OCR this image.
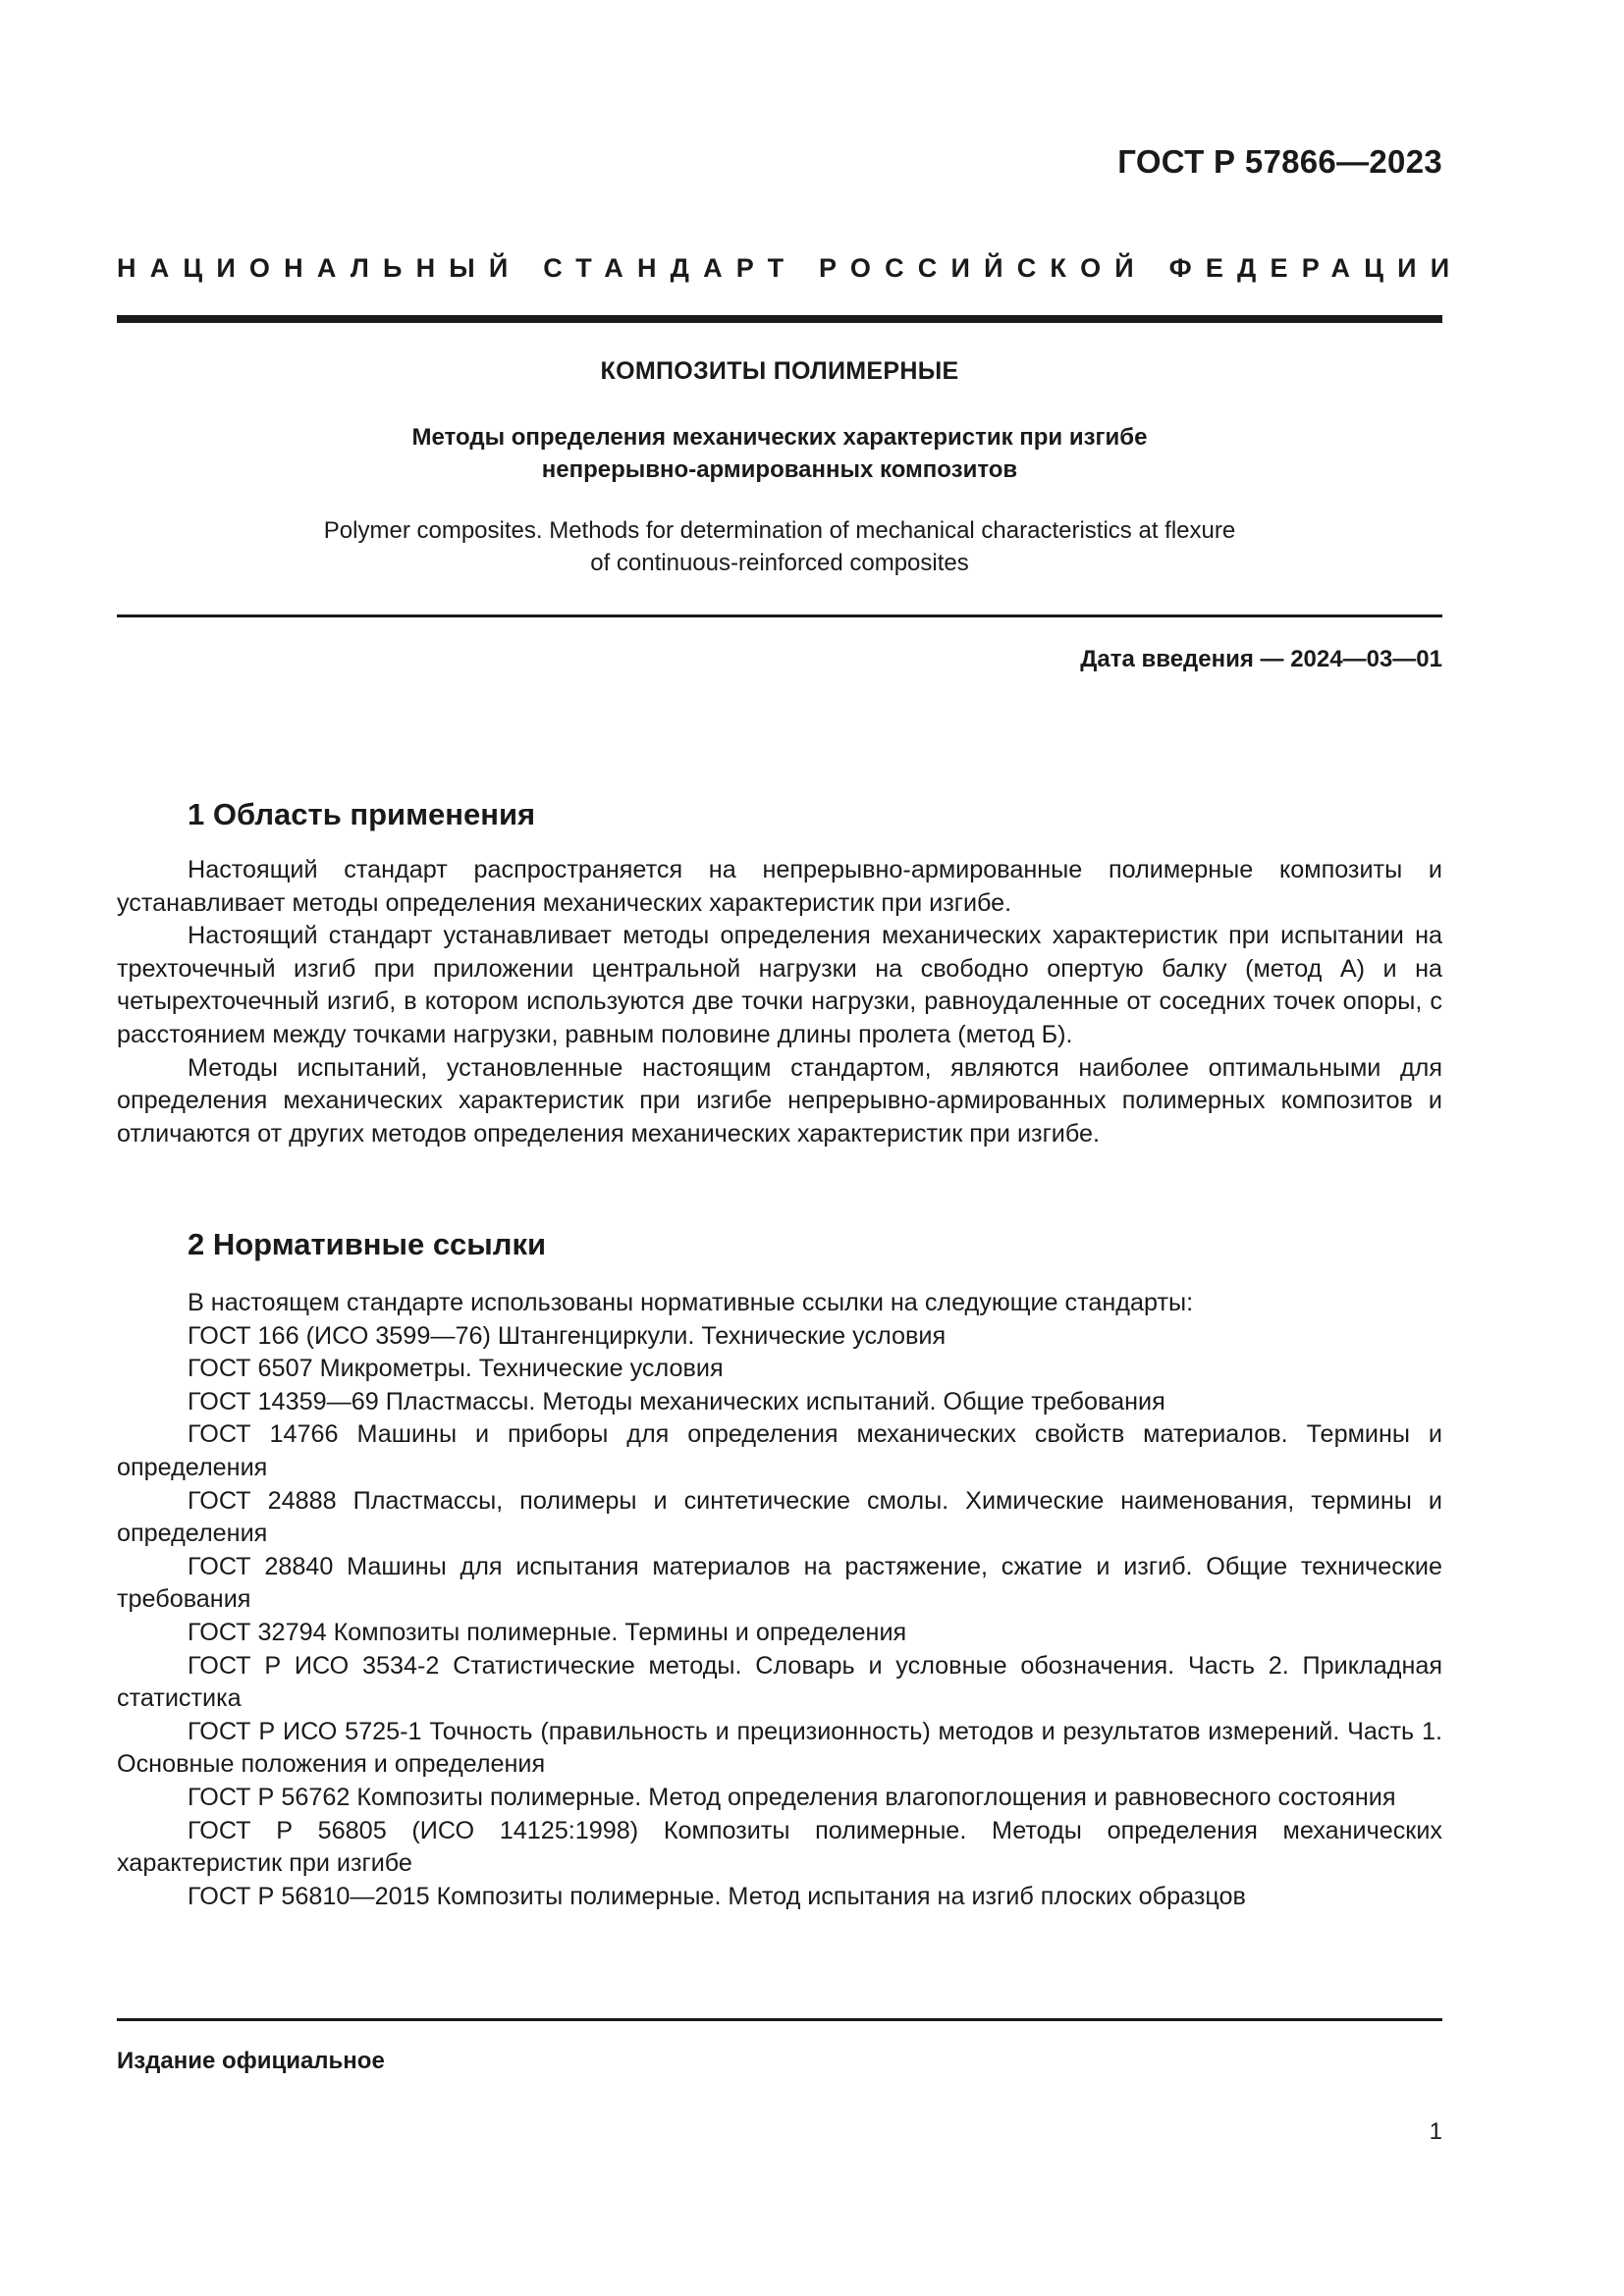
ГОСТ Р 57866—2023
НАЦИОНАЛЬНЫЙ СТАНДАРТ РОССИЙСКОЙ ФЕДЕРАЦИИ
КОМПОЗИТЫ ПОЛИМЕРНЫЕ
Методы определения механических характеристик при изгибе
непрерывно-армированных композитов
Polymer composites. Methods for determination of mechanical characteristics at flexure
of continuous-reinforced composites
Дата введения — 2024—03—01
1 Область применения

Настоящий стандарт распространяется на непрерывно-армированные полимерные композиты и устанавливает методы определения механических характеристик при изгибе.

Настоящий стандарт устанавливает методы определения механических характеристик при испытании на трехточечный изгиб при приложении центральной нагрузки на свободно опертую балку (метод А) и на четырехточечный изгиб, в котором используются две точки нагрузки, равноудаленные от соседних точек опоры, с расстоянием между точками нагрузки, равным половине длины пролета (метод Б).

Методы испытаний, установленные настоящим стандартом, являются наиболее оптимальными для определения механических характеристик при изгибе непрерывно-армированных полимерных композитов и отличаются от других методов определения механических характеристик при изгибе.

2 Нормативные ссылки

В настоящем стандарте использованы нормативные ссылки на следующие стандарты:

ГОСТ 166 (ИСО 3599—76) Штангенциркули. Технические условия

ГОСТ 6507 Микрометры. Технические условия

ГОСТ 14359—69 Пластмассы. Методы механических испытаний. Общие требования

ГОСТ 14766 Машины и приборы для определения механических свойств материалов. Термины и определения

ГОСТ 24888 Пластмассы, полимеры и синтетические смолы. Химические наименования, термины и определения

ГОСТ 28840 Машины для испытания материалов на растяжение, сжатие и изгиб. Общие технические требования

ГОСТ 32794 Композиты полимерные. Термины и определения

ГОСТ Р ИСО 3534-2 Статистические методы. Словарь и условные обозначения. Часть 2. Прикладная статистика

ГОСТ Р ИСО 5725-1 Точность (правильность и прецизионность) методов и результатов измерений. Часть 1. Основные положения и определения

ГОСТ Р 56762 Композиты полимерные. Метод определения влагопоглощения и равновесного состояния

ГОСТ Р 56805 (ИСО 14125:1998) Композиты полимерные. Методы определения механических характеристик при изгибе

ГОСТ Р 56810—2015 Композиты полимерные. Метод испытания на изгиб плоских образцов

Издание официальное
1
